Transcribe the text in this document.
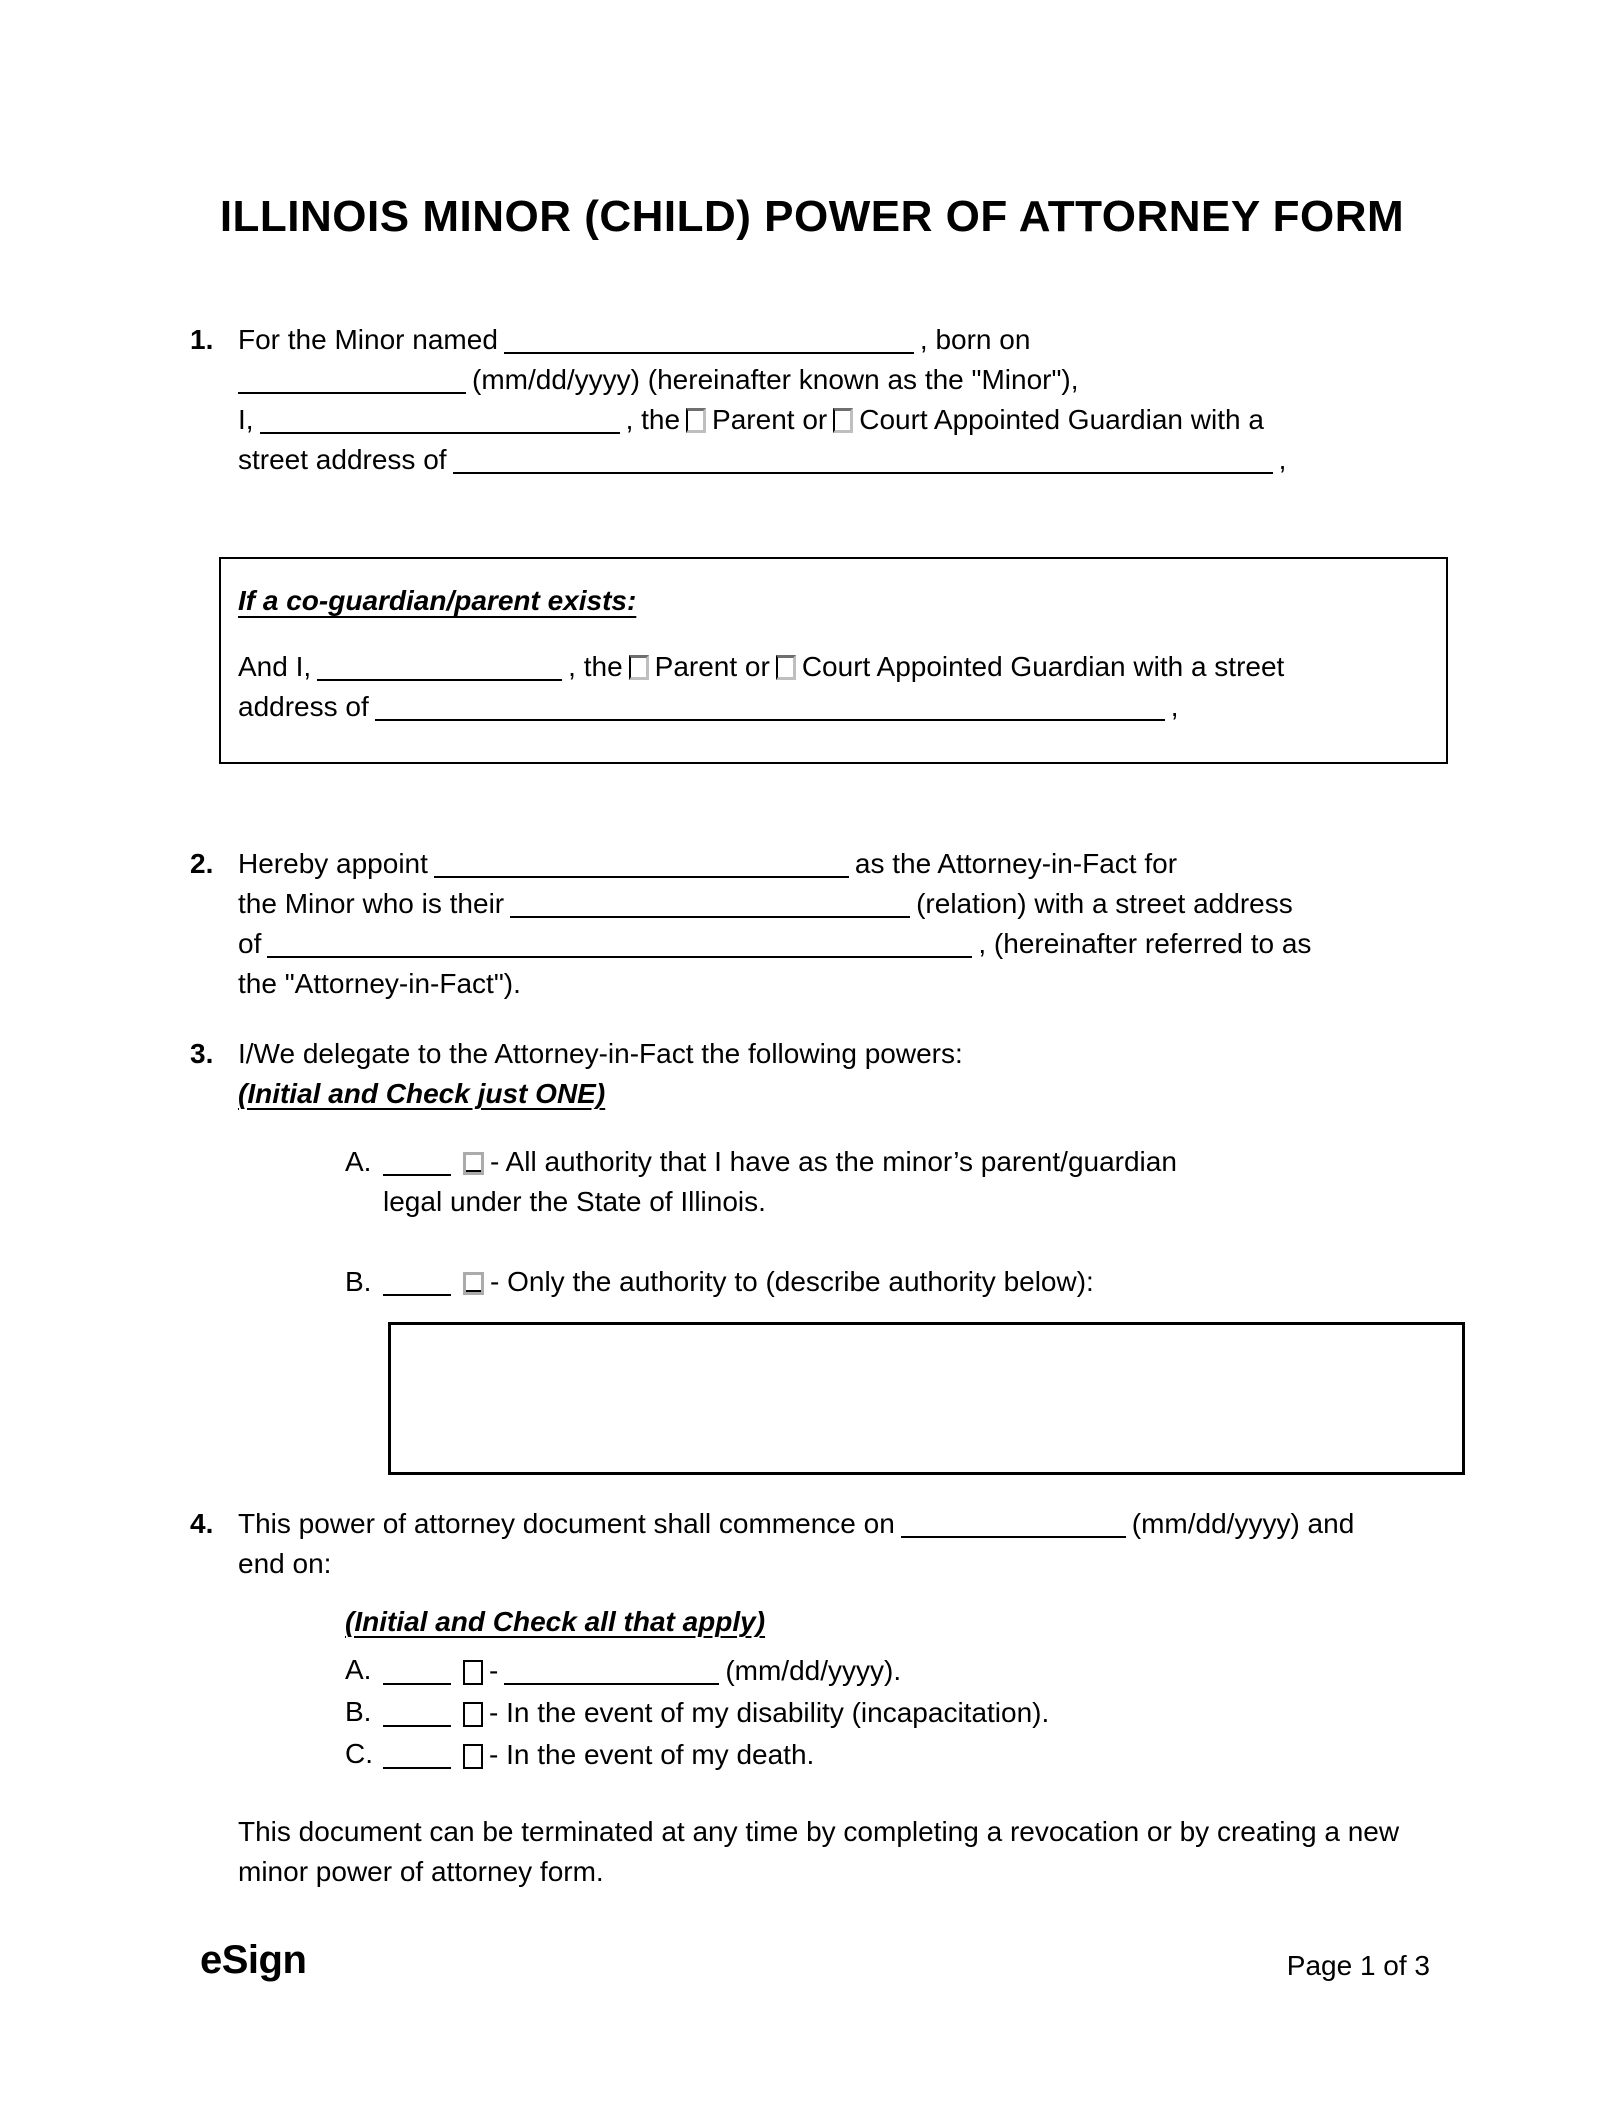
ILLINOIS MINOR (CHILD) POWER OF ATTORNEY FORM
1. For the Minor named	, born on
(mm/dd/yyyy) (hereinafter known as the "Minor"),
I,	, the Parent or Court Appointed Guardian with a
street address of	,
If a co-guardian/parent exists:
And I,	, the Parent or Court Appointed Guardian with a street
address of	,
2. Hereby appoint	as the Attorney-in-Fact for
the Minor who is their	(relation) with a street address
of	, (hereinafter referred to as
the "Attorney-in-Fact").
3. I/We delegate to the Attorney-in-Fact the following powers:
(Initial and Check just ONE)
A.	- All authority that I have as the minor’s parent/guardian
legal under the State of Illinois.
B.	- Only the authority to (describe authority below):
4. This power of attorney document shall commence on	(mm/dd/yyyy) and
end on:
(Initial and Check all that apply)
A.	-	(mm/dd/yyyy).
B.	- In the event of my disability (incapacitation).
C.	- In the event of my death.
This document can be terminated at any time by completing a revocation or by creating a new minor power of attorney form.
eSign	Page 1 of 3
